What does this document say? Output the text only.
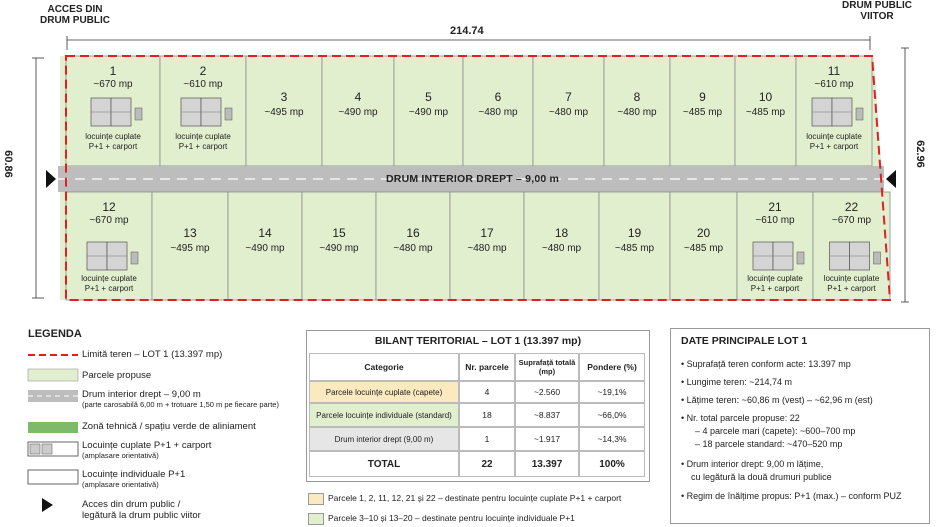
ACCES DIN
DRUM PUBLIC
DRUM PUBLIC
VIITOR
214.74
60.86	62.96
DRUM INTERIOR DREPT – 9,00 m
1
~670 mp
locuințe cuplate
P+1 + carport
2
~610 mp
locuințe cuplate
P+1 + carport
3
~495 mp
4
~490 mp
5
~490 mp
6
~480 mp
7
~480 mp
8
~480 mp
9
~485 mp
10
~485 mp
11
~610 mp
locuințe cuplate
P+1 + carport
12
~670 mp
locuințe cuplate
P+1 + carport
13
~495 mp
14
~490 mp
15
~490 mp
16
~480 mp
17
~480 mp
18
~480 mp
19
~485 mp
20
~485 mp
21
~610 mp
locuințe cuplate
P+1 + carport
22
~670 mp
locuințe cuplate
P+1 + carport
LEGENDA
Limită teren – LOT 1 (13.397 mp)
Parcele propuse
Drum interior drept – 9,00 m
(parte carosabilă 6,00 m + trotuare 1,50 m pe fiecare parte)
Zonă tehnică / spațiu verde de aliniament
Locuințe cuplate P+1 + carport
(amplasare orientativă)
Locuințe individuale P+1
(amplasare orientativă)
Acces din drum public /
legătură la drum public viitor
BILANȚ TERITORIAL – LOT 1 (13.397 mp)
Categorie	Nr. parcele	Suprafață totală (mp)	Pondere (%)
Parcele locuințe cuplate (capete)	4	~2.560	~19,1%
Parcele locuințe individuale (standard)	18	~8.837	~66,0%
Drum interior drept (9,00 m)	1	~1.917	~14,3%
TOTAL	22	13.397	100%
Parcele 1, 2, 11, 12, 21 și 22 – destinate pentru locuințe cuplate P+1 + carport
Parcele 3–10 și 13–20 – destinate pentru locuințe individuale P+1
DATE PRINCIPALE LOT 1
• Suprafață teren conform acte: 13.397 mp
• Lungime teren: ~214,74 m
• Lățime teren: ~60,86 m (vest) – ~62,96 m (est)
• Nr. total parcele propuse: 22
– 4 parcele mari (capete): ~600–700 mp
– 18 parcele standard: ~470–520 mp
• Drum interior drept: 9,00 m lățime,
cu legătură la două drumuri publice
• Regim de înălțime propus: P+1 (max.) – conform PUZ
